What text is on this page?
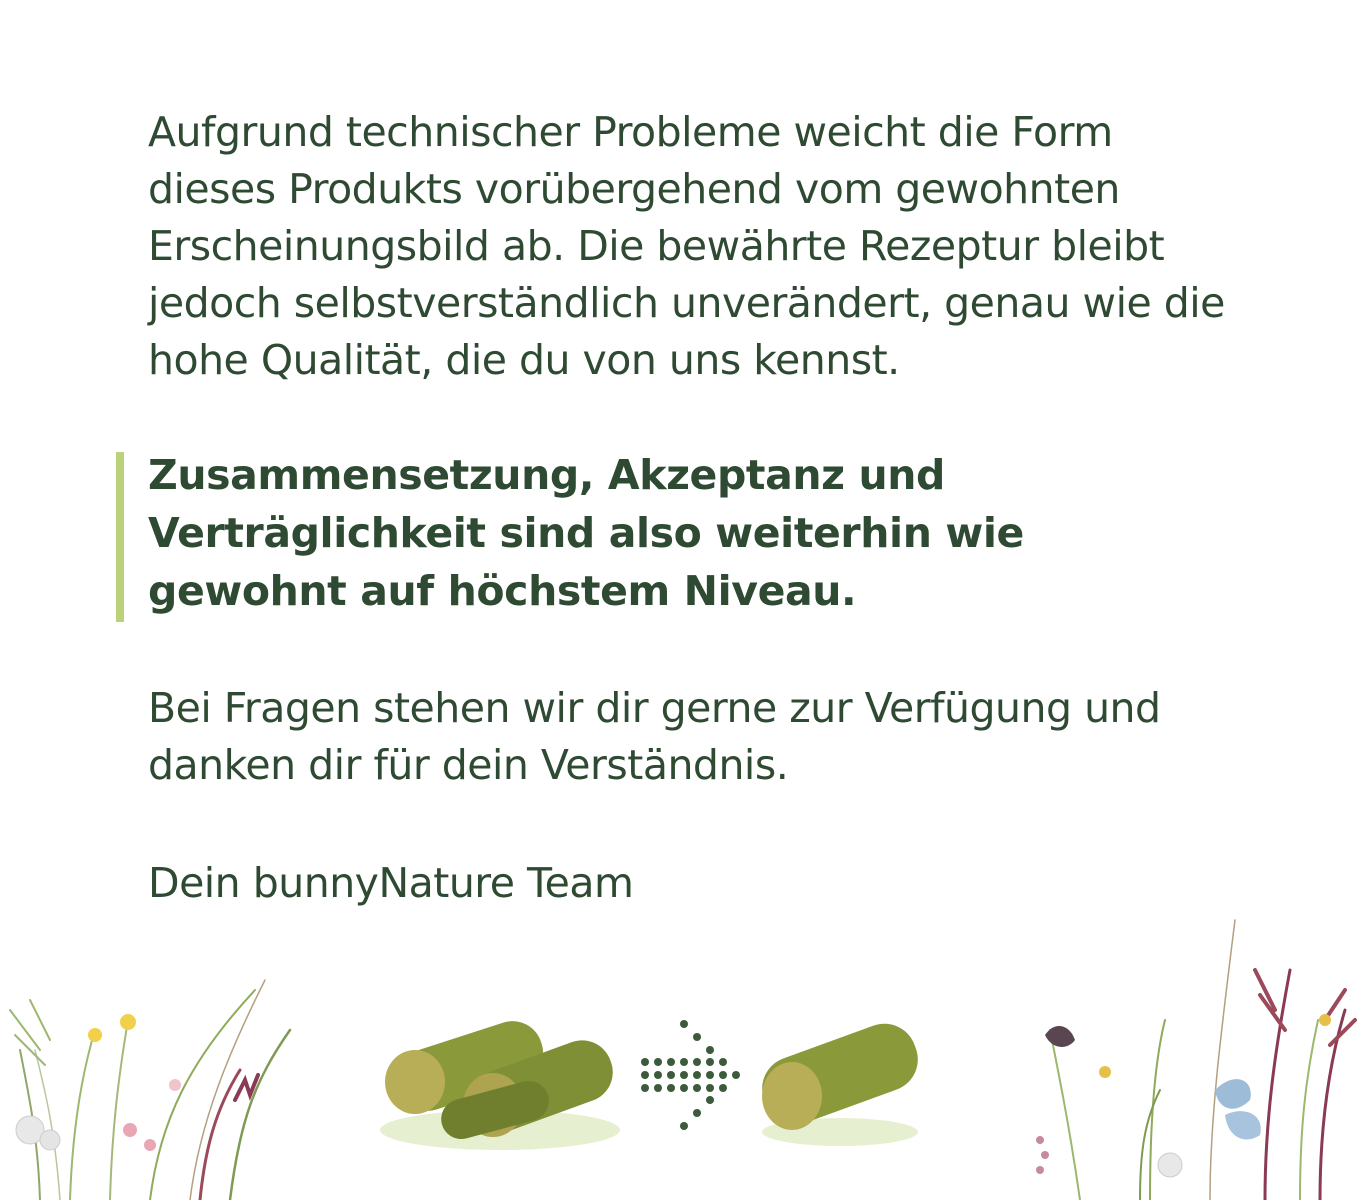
Aufgrund technischer Probleme weicht die Form dieses Produkts vorübergehend vom gewohnten Erscheinungsbild ab. Die bewährte Rezeptur bleibt jedoch selbstverständlich unverändert, genau wie die hohe Qualität, die du von uns kennst.

Zusammensetzung, Akzeptanz und Verträglichkeit sind also weiterhin wie gewohnt auf höchstem Niveau.

Bei Fragen stehen wir dir gerne zur Verfügung und danken dir für dein Verständnis.

Dein bunnyNature Team
